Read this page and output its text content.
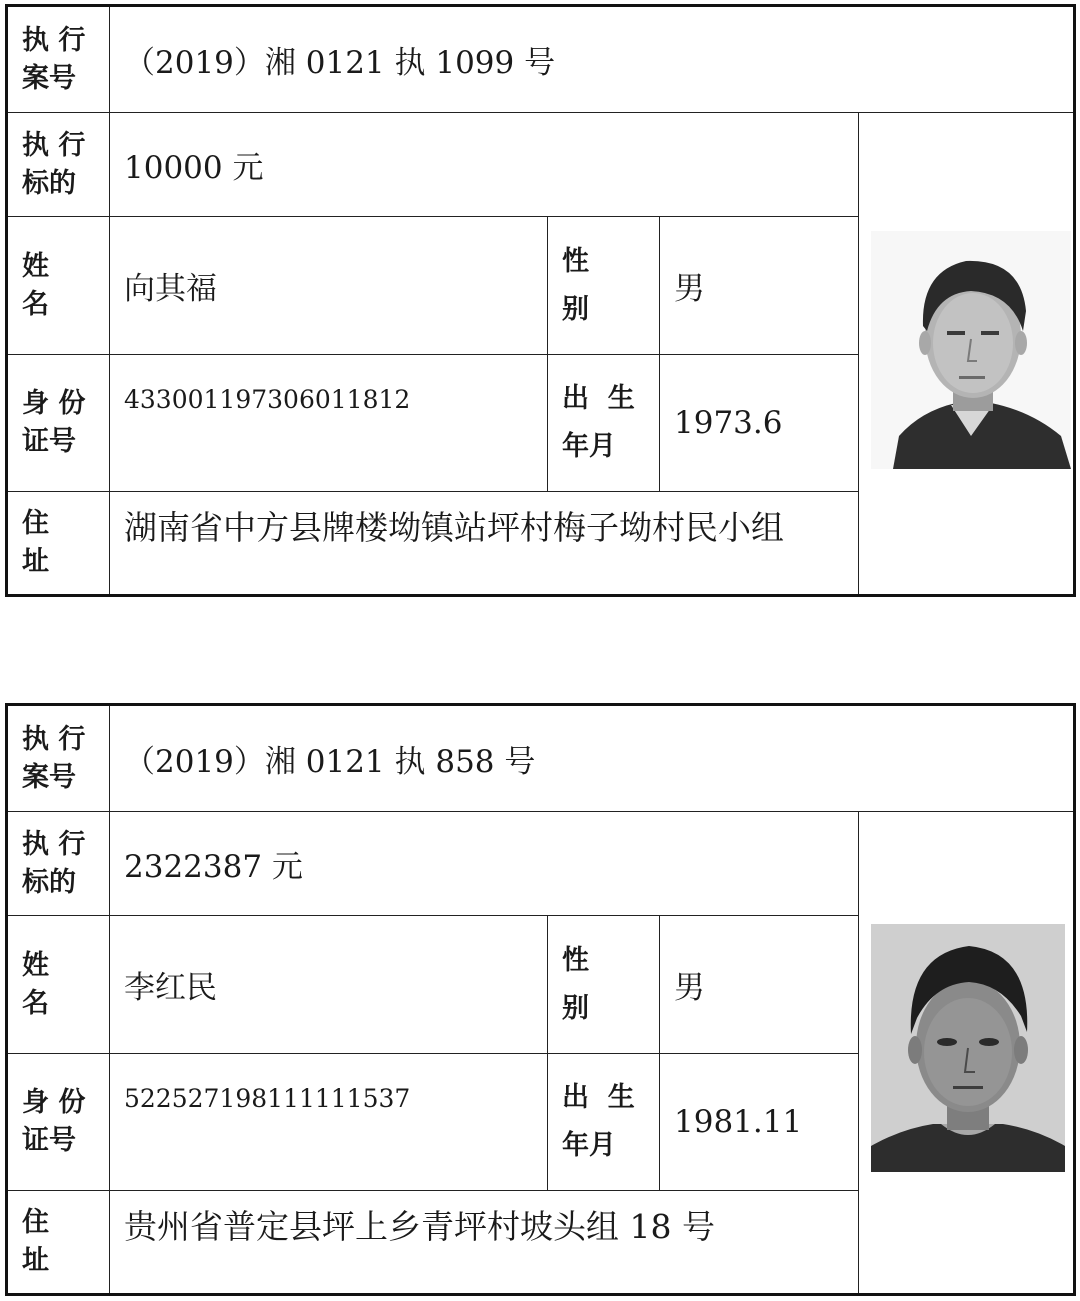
执 行
案号	（2019）湘 0121 执 1099 号			

执 行
标的	10000 元	

姓
名	向其福	性
别	男	

身 份
证号	433001197306011812	出  生
年月	1973.6	

住
址	湖南省中方县牌楼坳镇站坪村梅子坳村民小组			
执 行
案号	（2019）湘 0121 执 858 号			

执 行
标的	2322387 元	

姓
名	李红民	性
别	男	

身 份
证号	522527198111111537	出  生
年月	1981.11	

住
址	贵州省普定县坪上乡青坪村坡头组 18 号			
